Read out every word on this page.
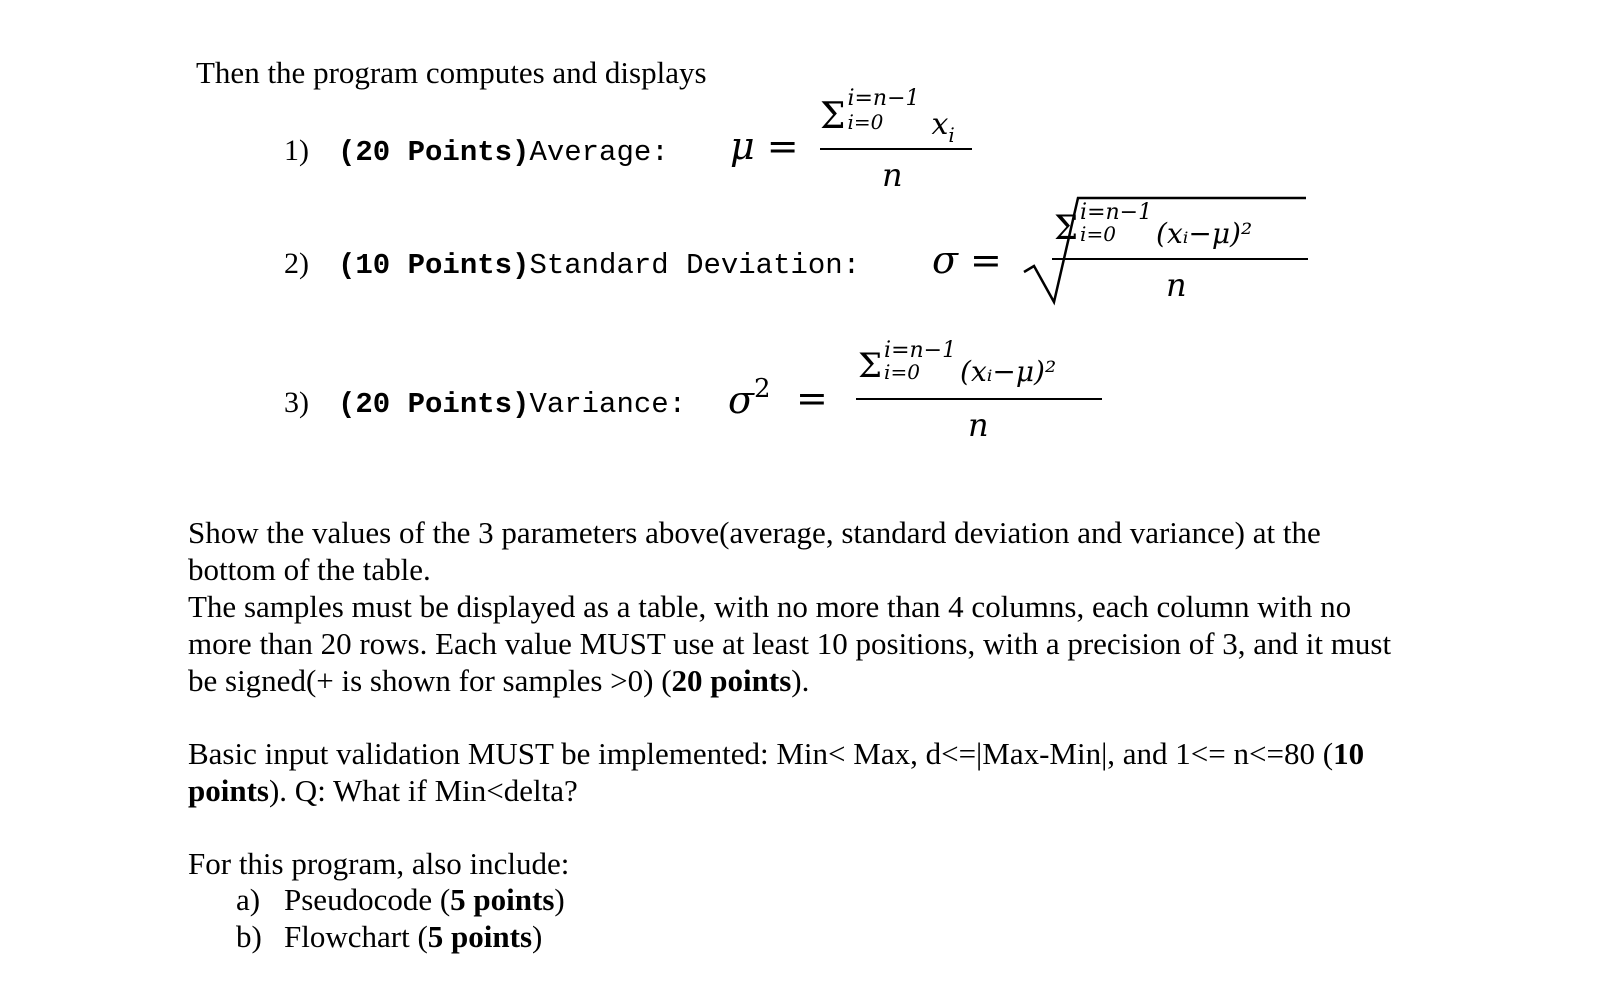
Then the program computes and displays
1) (20 Points)Average: μ =
Σ i=n−1
i=0 xi
n
2) (10 Points)Standard Deviation: σ =
Σ i=n−1
i=0 (xᵢ−μ)²
n
3) (20 Points)Variance: $\sigma^2$ =
Σ i=n−1
i=0 (xᵢ−μ)²
n
Show the values of the 3 parameters above(average, standard deviation and variance) at the
bottom of the table.
The samples must be displayed as a table, with no more than 4 columns, each column with no
more than 20 rows. Each value MUST use at least 10 positions, with a precision of 3, and it must
be signed(+ is shown for samples >0) (20 points).
Basic input validation MUST be implemented: Min< Max, d<=|Max-Min|, and 1<= n<=80 (10
points). Q: What if Min<delta?
For this program, also include:
a) Pseudocode (5 points)
b) Flowchart (5 points)
